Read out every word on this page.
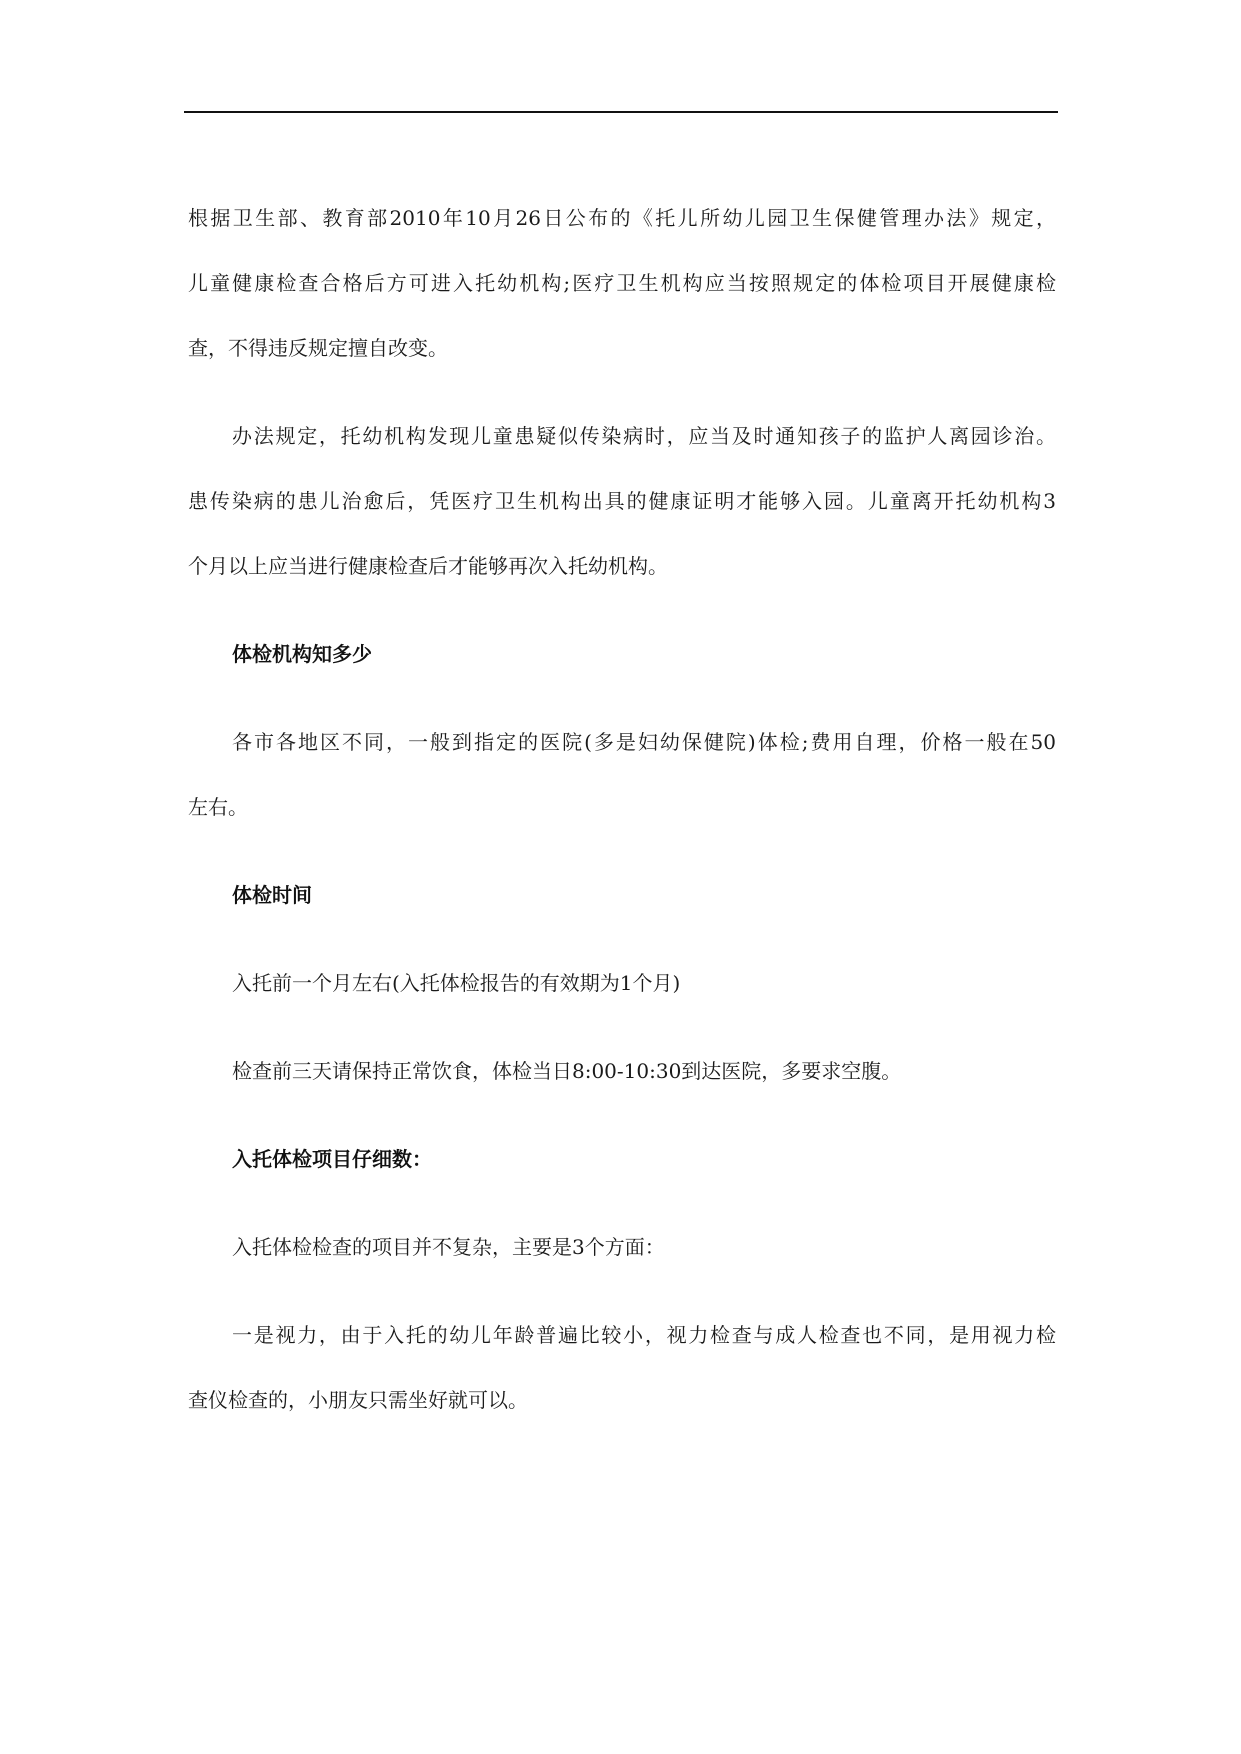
根据卫生部、教育部2010年10月26日公布的《托儿所幼儿园卫生保健管理办法》规定，
儿童健康检查合格后方可进入托幼机构;医疗卫生机构应当按照规定的体检项目开展健康检
查，不得违反规定擅自改变。

办法规定，托幼机构发现儿童患疑似传染病时，应当及时通知孩子的监护人离园诊治。
患传染病的患儿治愈后，凭医疗卫生机构出具的健康证明才能够入园。儿童离开托幼机构3
个月以上应当进行健康检查后才能够再次入托幼机构。

体检机构知多少

各市各地区不同，一般到指定的医院(多是妇幼保健院)体检;费用自理，价格一般在50
左右。

体检时间

入托前一个月左右(入托体检报告的有效期为1个月)

检查前三天请保持正常饮食，体检当日8:00-10:30到达医院，多要求空腹。

入托体检项目仔细数：

入托体检检查的项目并不复杂，主要是3个方面：

一是视力，由于入托的幼儿年龄普遍比较小，视力检查与成人检查也不同，是用视力检
查仪检查的，小朋友只需坐好就可以。
